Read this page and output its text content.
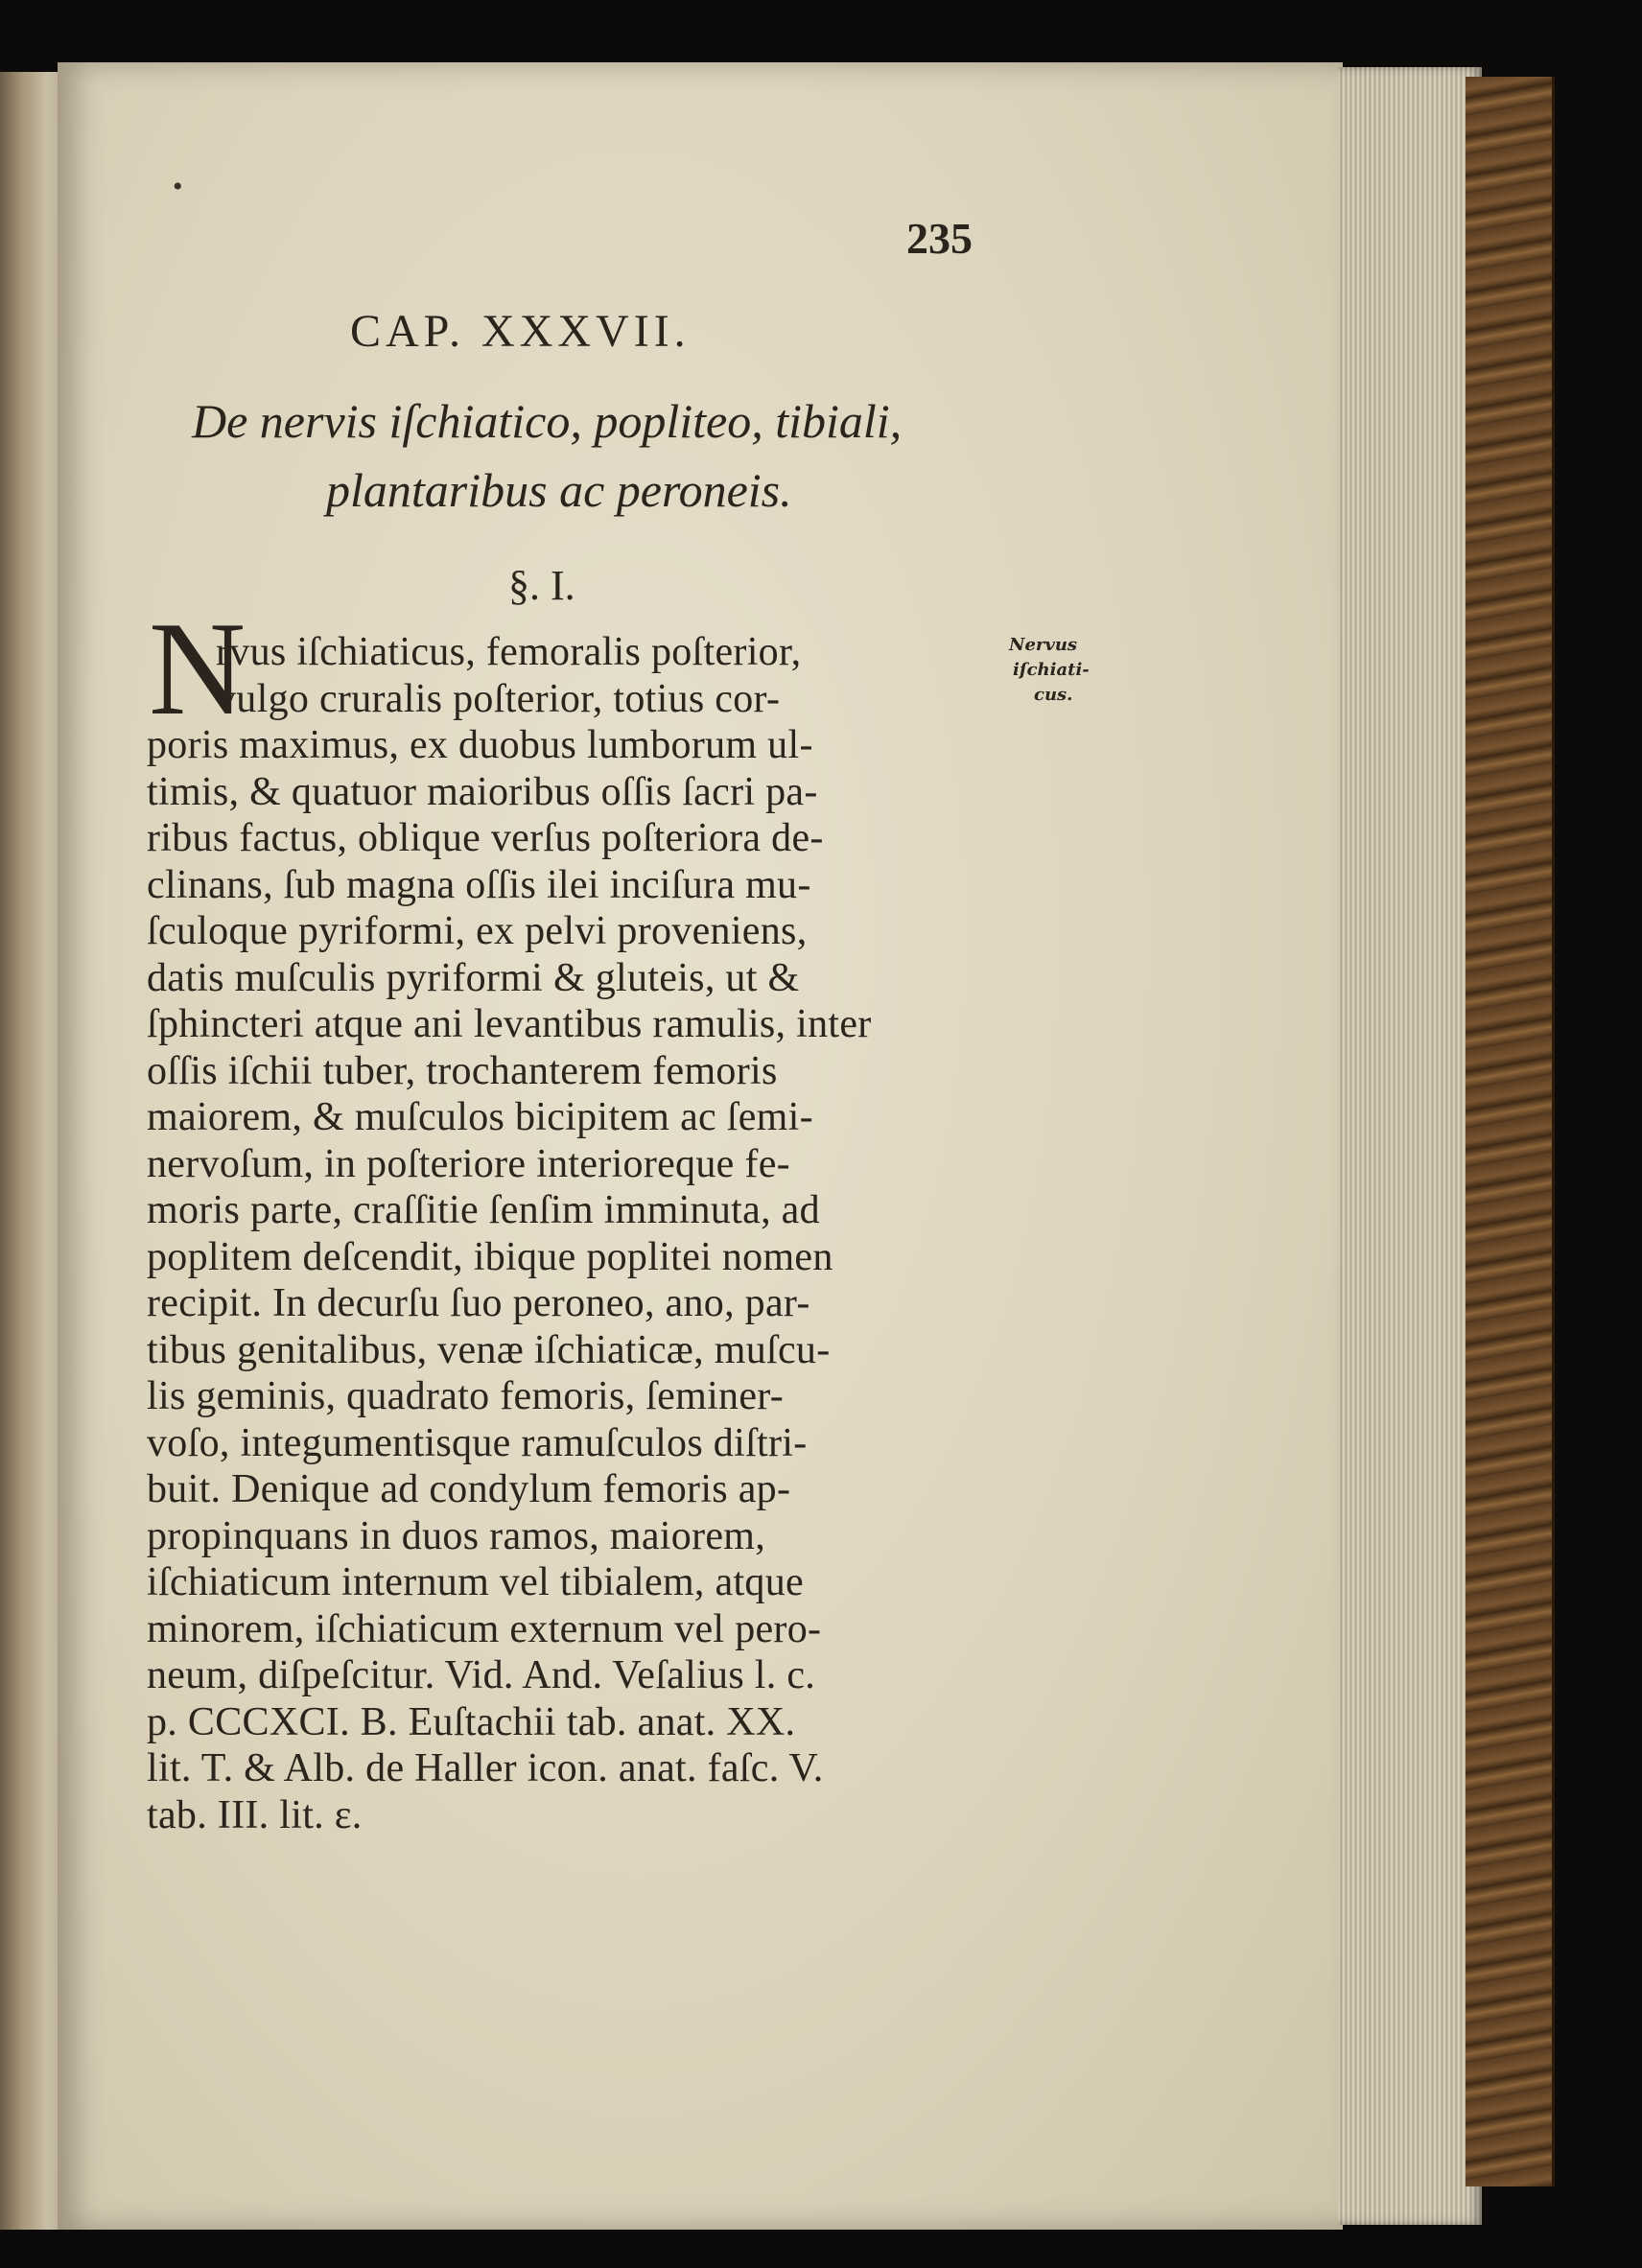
•
235
CAP. XXXVII.
De nervis iſchiatico, popliteo, tibiali,
plantaribus ac peroneis.
§. I.
N
rvus iſchiaticus, femoralis poſterior,
vulgo cruralis poſterior, totius cor-
poris maximus, ex duobus lumborum ul-
timis, & quatuor maioribus oſſis ſacri pa-
ribus factus, oblique verſus poſteriora de-
clinans, ſub magna oſſis ilei inciſura mu-
ſculoque pyriformi, ex pelvi proveniens,
datis muſculis pyriformi & gluteis, ut &
ſphincteri atque ani levantibus ramulis, inter
oſſis iſchii tuber, trochanterem femoris
maiorem, & muſculos bicipitem ac ſemi-
nervoſum, in poſteriore interioreque fe-
moris parte, craſſitie ſenſim imminuta, ad
poplitem deſcendit, ibique poplitei nomen
recipit. In decurſu ſuo peroneo, ano, par-
tibus genitalibus, venæ iſchiaticæ, muſcu-
lis geminis, quadrato femoris, ſeminer-
voſo, integumentisque ramuſculos diſtri-
buit. Denique ad condylum femoris ap-
propinquans in duos ramos, maiorem,
iſchiaticum internum vel tibialem, atque
minorem, iſchiaticum externum vel pero-
neum, diſpeſcitur. Vid. And. Veſalius l. c.
p. CCCXCI. B. Euſtachii tab. anat. XX.
lit. T. & Alb. de Haller icon. anat. faſc. V.
tab. III. lit. ε.
Nervus
iſchiati-
cus.
